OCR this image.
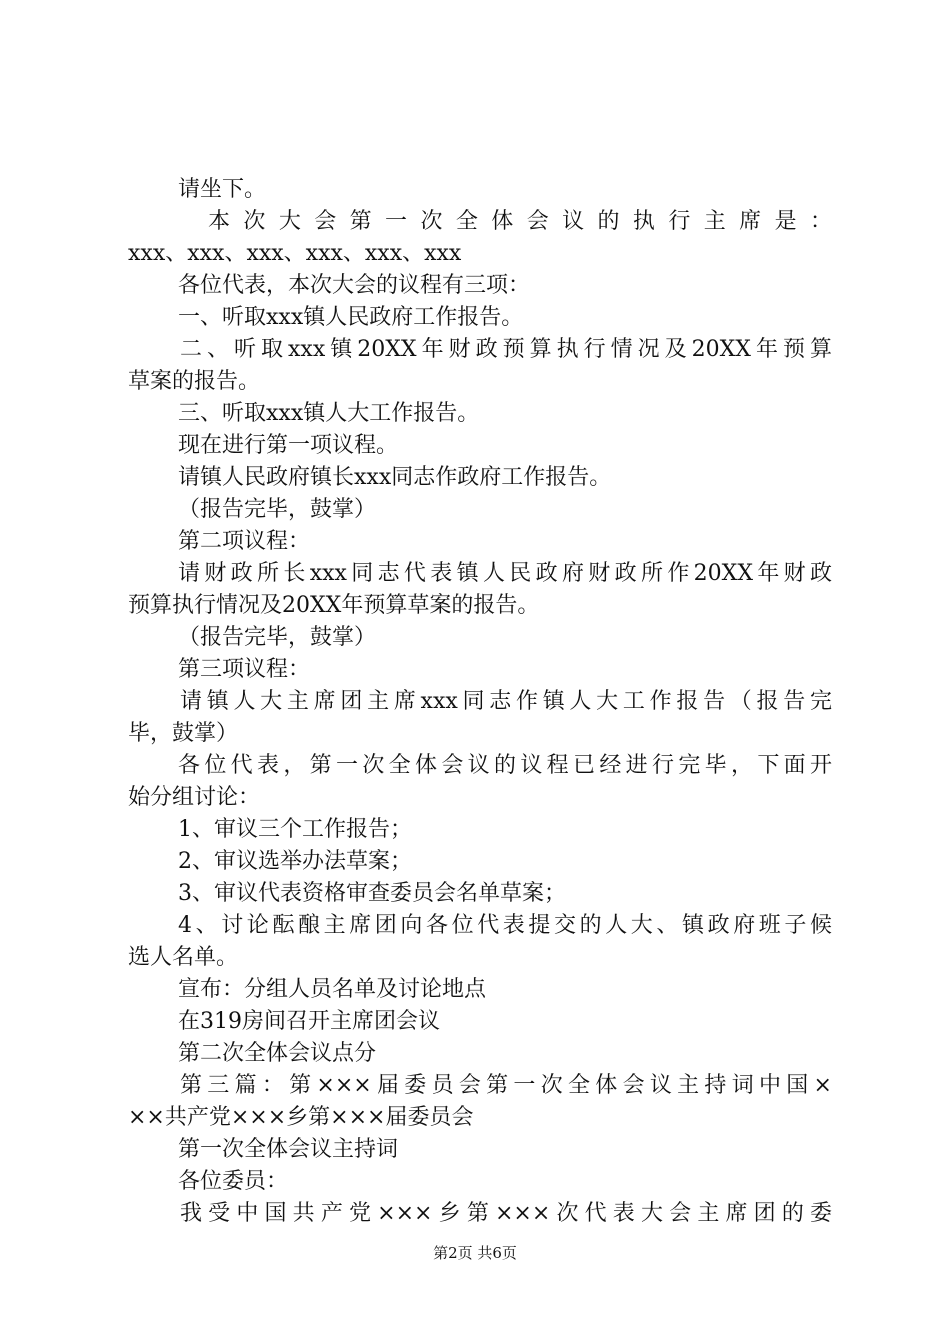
请坐下。
本次大会第一次全体会议的执行主席是：
xxx、xxx、xxx、xxx、xxx、xxx
各位代表，本次大会的议程有三项：
一、听取xxx镇人民政府工作报告。
二、听取xxx镇20XX年财政预算执行情况及20XX年预算
草案的报告。
三、听取xxx镇人大工作报告。
现在进行第一项议程。
请镇人民政府镇长xxx同志作政府工作报告。
（报告完毕，鼓掌）
第二项议程：
请财政所长xxx同志代表镇人民政府财政所作20XX年财政
预算执行情况及20XX年预算草案的报告。
（报告完毕，鼓掌）
第三项议程：
请镇人大主席团主席xxx同志作镇人大工作报告（报告完
毕，鼓掌）
各位代表，第一次全体会议的议程已经进行完毕，下面开
始分组讨论：
1、审议三个工作报告；
2、审议选举办法草案；
3、审议代表资格审查委员会名单草案；
4、讨论酝酿主席团向各位代表提交的人大、镇政府班子候
选人名单。
宣布：分组人员名单及讨论地点
在319房间召开主席团会议
第二次全体会议点分
第三篇：第×××届委员会第一次全体会议主持词中国×
××共产党×××乡第×××届委员会
第一次全体会议主持词
各位委员：
我受中国共产党×××乡第×××次代表大会主席团的委
第2页 共6页
